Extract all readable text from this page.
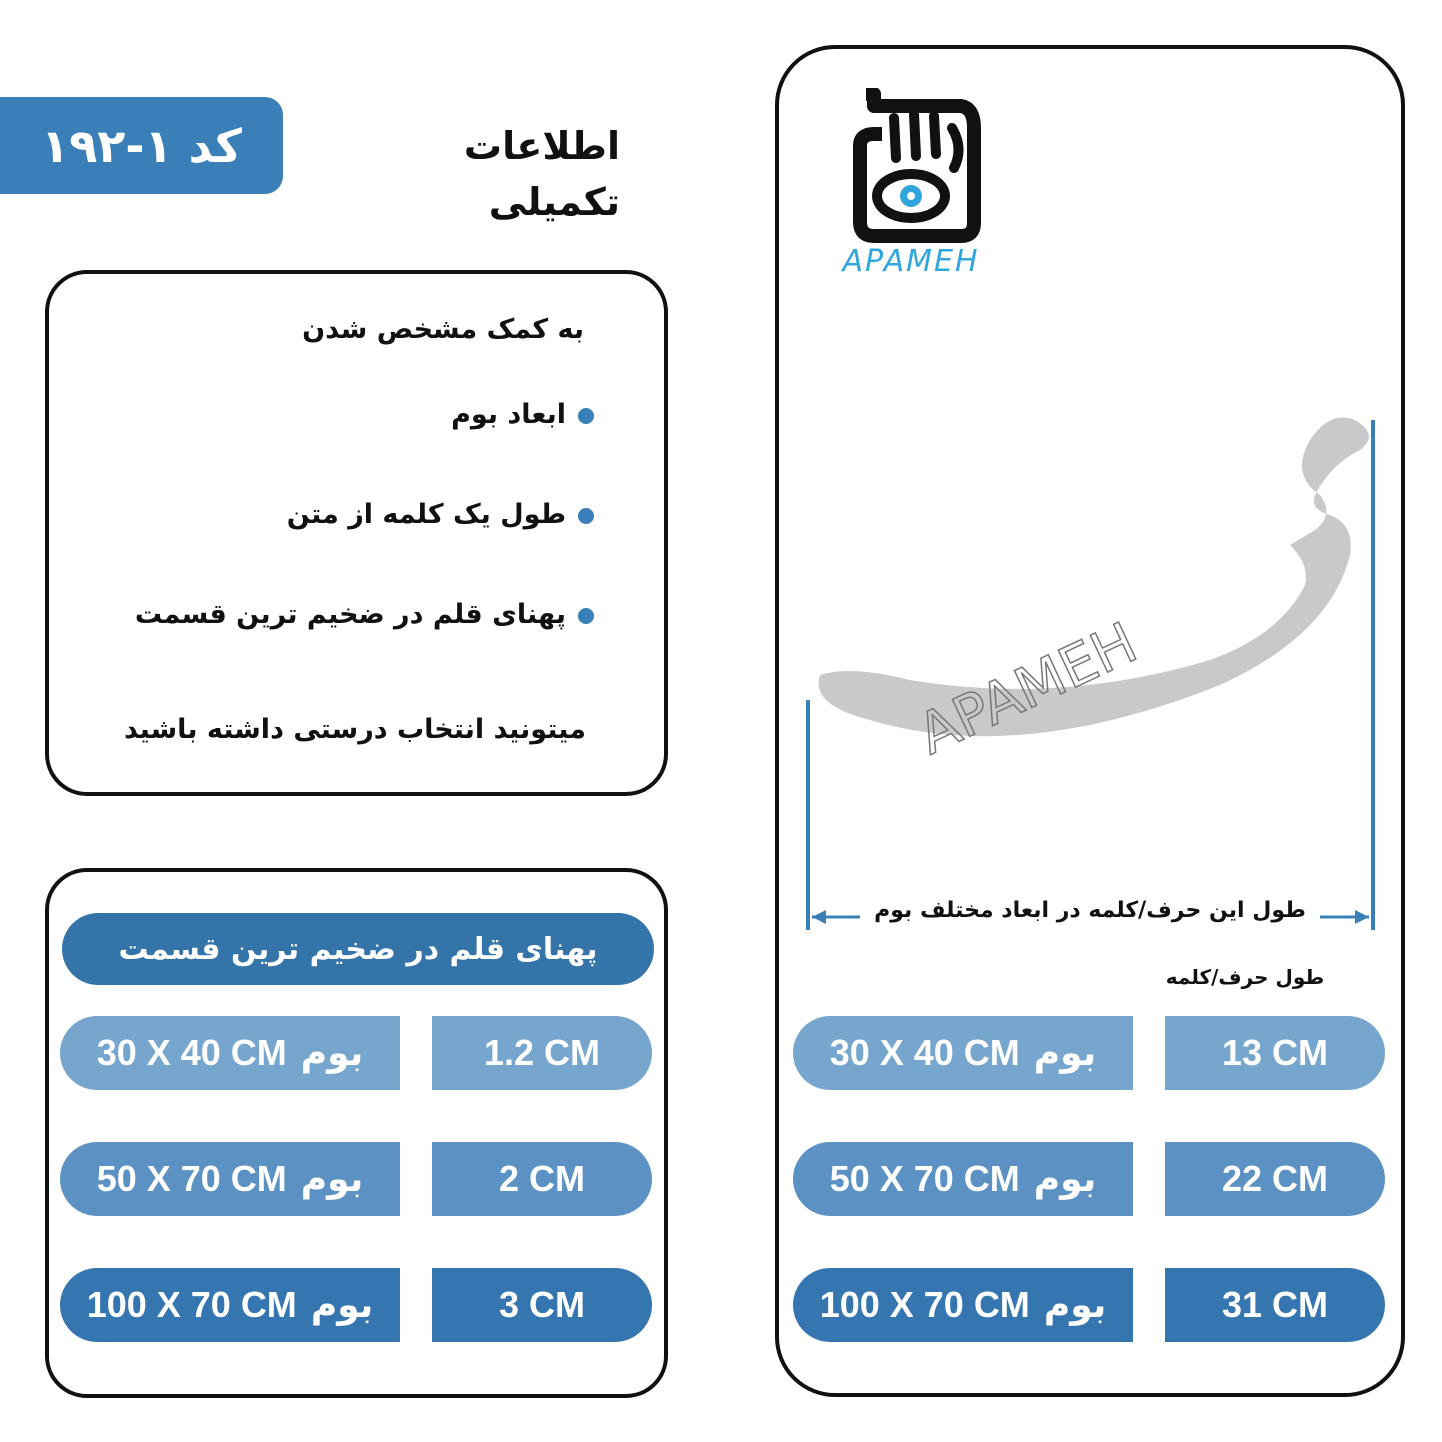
کد ۱-۱۹۲	اطلاعات تکمیلی
به کمک مشخص شدن
ابعاد بوم
طول یک کلمه از متن
پهنای قلم در ضخیم ترین قسمت
میتونید انتخاب درستی داشته باشید
پهنای قلم در ضخیم ترین قسمت
30 X 40 CM بوم	1.2 CM
50 X 70 CM بوم	2 CM
100 X 70 CM بوم	3 CM
APAMEH
APAMEH
طول این حرف/کلمه در ابعاد مختلف بوم
طول حرف/کلمه
30 X 40 CM بوم	13 CM
50 X 70 CM بوم	22 CM
100 X 70 CM بوم	31 CM
